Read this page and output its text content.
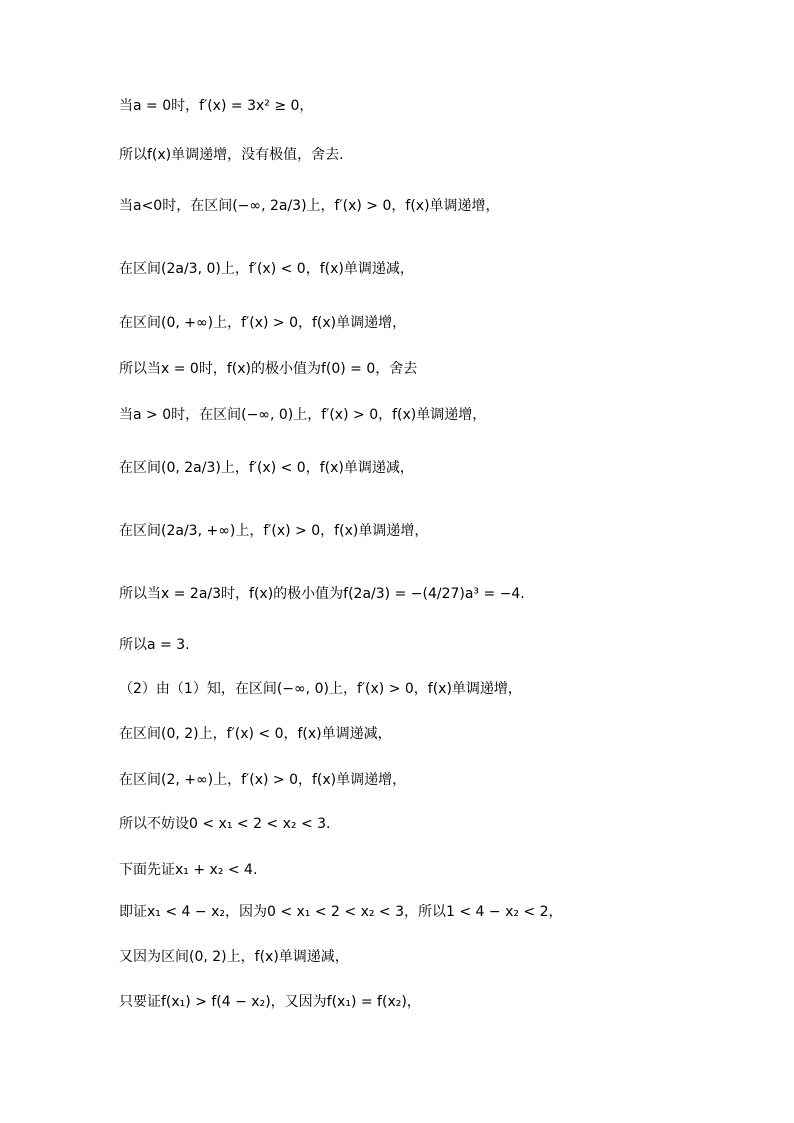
当a = 0时，f′(x) = 3x² ≥ 0，
所以f(x)单调递增，没有极值，舍去.
当a<0时，在区间(−∞, 2a/3)上，f′(x) > 0，f(x)单调递增，
在区间(2a/3, 0)上，f′(x) < 0，f(x)单调递减，
在区间(0, +∞)上，f′(x) > 0，f(x)单调递增，
所以当x = 0时，f(x)的极小值为f(0) = 0，舍去
当a > 0时，在区间(−∞, 0)上，f′(x) > 0，f(x)单调递增，
在区间(0, 2a/3)上，f′(x) < 0，f(x)单调递减，
在区间(2a/3, +∞)上，f′(x) > 0，f(x)单调递增，
所以当x = 2a/3时，f(x)的极小值为f(2a/3) = −(4/27)a³ = −4.
所以a = 3.
（2）由（1）知，在区间(−∞, 0)上，f′(x) > 0，f(x)单调递增，
在区间(0, 2)上，f′(x) < 0，f(x)单调递减，
在区间(2, +∞)上，f′(x) > 0，f(x)单调递增，
所以不妨设0 < x₁ < 2 < x₂ < 3.
下面先证x₁ + x₂ < 4.
即证x₁ < 4 − x₂，因为0 < x₁ < 2 < x₂ < 3，所以1 < 4 − x₂ < 2，
又因为区间(0, 2)上，f(x)单调递减，
只要证f(x₁) > f(4 − x₂)，又因为f(x₁) = f(x₂)，
